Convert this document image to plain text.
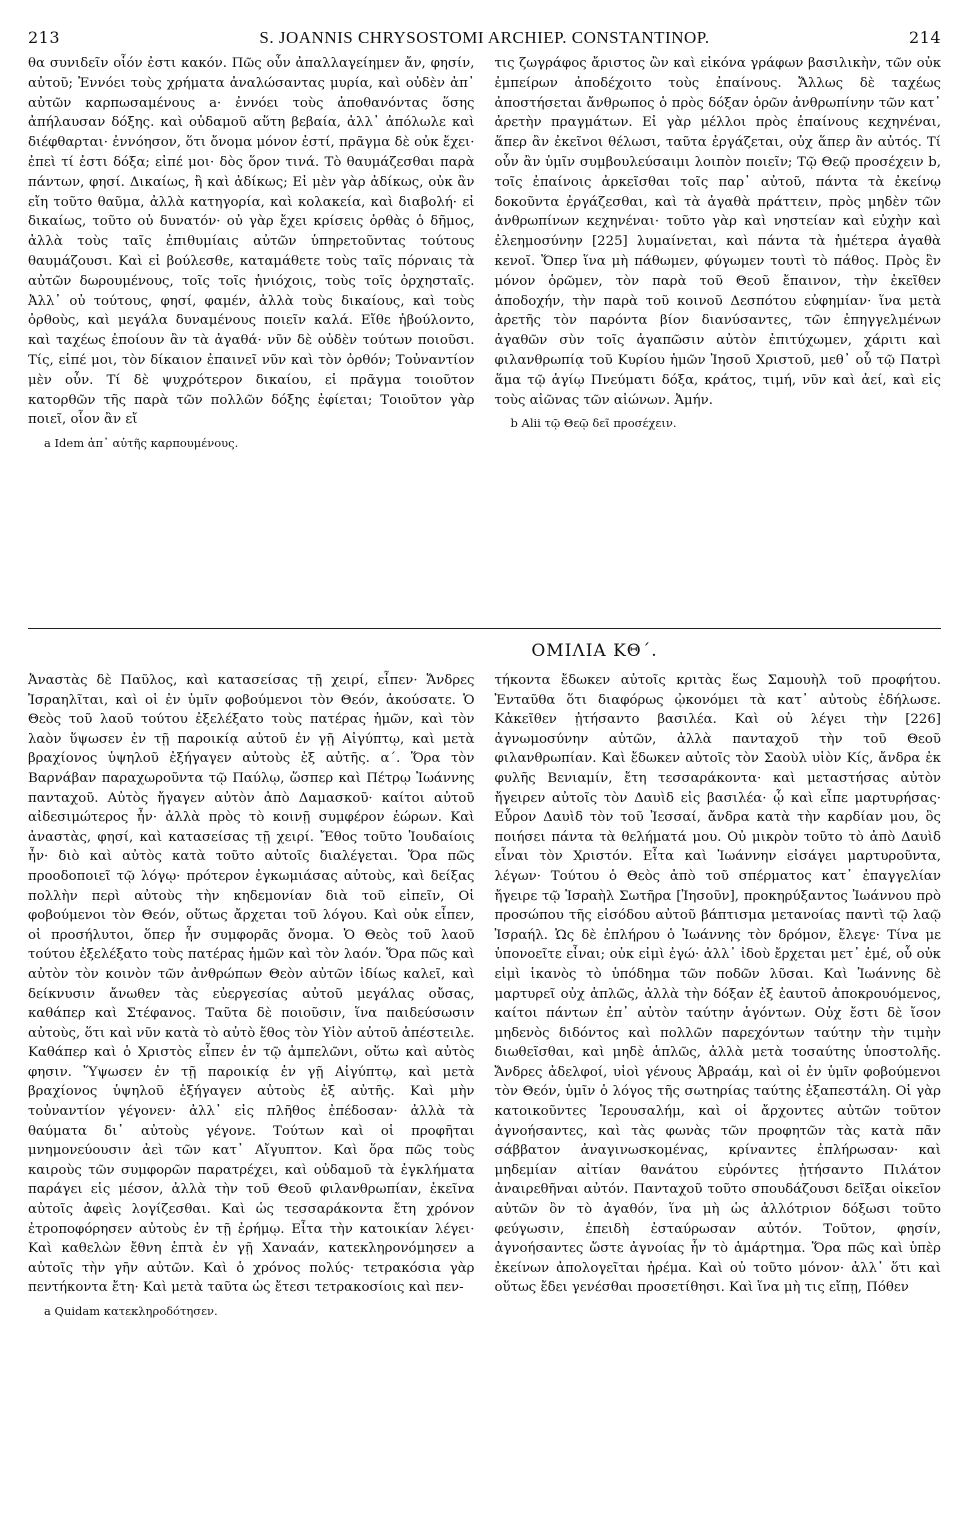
213	S. JOANNIS CHRYSOSTOMI ARCHIEP. CONSTANTINOP.	214

θα συνιδεῖν οἷόν ἐστι κακόν. Πῶς οὖν ἀπαλλαγείημεν ἄν, φησίν, αὐτοῦ; Ἐννόει τοὺς χρήματα ἀναλώσαντας μυρία, καὶ οὐδὲν ἀπ᾿ αὐτῶν καρπωσαμένους a· ἐννόει τοὺς ἀποθανόντας ὅσης ἀπήλαυσαν δόξης. καὶ οὐδαμοῦ αὕτη βεβαία, ἀλλ᾿ ἀπόλωλε καὶ διέφθαρται· ἐννόησον, ὅτι ὄνομα μόνον ἐστί, πρᾶγμα δὲ οὐκ ἔχει· ἐπεὶ τί ἐστι δόξα; εἰπέ μοι· δὸς ὅρον τινά. Τὸ θαυμάζεσθαι παρὰ πάντων, φησί. Δικαίως, ἢ καὶ ἀδίκως; Εἰ μὲν γὰρ ἀδίκως, οὐκ ἂν εἴη τοῦτο θαῦμα, ἀλλὰ κατηγορία, καὶ κολακεία, καὶ διαβολή· εἰ δικαίως, τοῦτο οὐ δυνατόν· οὐ γὰρ ἔχει κρίσεις ὀρθὰς ὁ δῆμος, ἀλλὰ τοὺς ταῖς ἐπιθυμίαις αὐτῶν ὑπηρετοῦντας τούτους θαυμάζουσι. Καὶ εἰ βούλεσθε, καταμάθετε τοὺς ταῖς πόρναις τὰ αὐτῶν δωρουμένους, τοῖς τοῖς ἡνιόχοις, τοὺς τοῖς ὀρχησταῖς. Ἀλλ᾿ οὐ τούτους, φησί, φαμέν, ἀλλὰ τοὺς δικαίους, καὶ τοὺς ὀρθοὺς, καὶ μεγάλα δυναμένους ποιεῖν καλά. Εἴθε ἠβούλοντο, καὶ ταχέως ἐποίουν ἂν τὰ ἀγαθά· νῦν δὲ οὐδὲν τούτων ποιοῦσι. Τίς, εἰπέ μοι, τὸν δίκαιον ἐπαινεῖ νῦν καὶ τὸν ὀρθόν; Τοὐναντίον μὲν οὖν. Τί δὲ ψυχρότερον δικαίου, εἰ πρᾶγμα τοιοῦτον κατορθῶν τῆς παρὰ τῶν πολλῶν δόξης ἐφίεται; Τοιοῦτον γὰρ ποιεῖ, οἷον ἂν εἴ

a Idem ἀπ᾿ αὐτῆς καρπουμένους.

τις ζωγράφος ἄριστος ὢν καὶ εἰκόνα γράφων βασιλικὴν, τῶν οὐκ ἐμπείρων ἀποδέχοιτο τοὺς ἐπαίνους. Ἄλλως δὲ ταχέως ἀποστήσεται ἄνθρωπος ὁ πρὸς δόξαν ὁρῶν ἀνθρωπίνην τῶν κατ᾿ ἀρετὴν πραγμάτων. Εἰ γὰρ μέλλοι πρὸς ἐπαίνους κεχηνέναι, ἅπερ ἂν ἐκεῖνοι θέλωσι, ταῦτα ἐργάζεται, οὐχ ἅπερ ἂν αὐτός. Τί οὖν ἂν ὑμῖν συμβουλεύσαιμι λοιπὸν ποιεῖν; Τῷ Θεῷ προσέχειν b, τοῖς ἐπαίνοις ἀρκεῖσθαι τοῖς παρ᾿ αὐτοῦ, πάντα τὰ ἐκείνῳ δοκοῦντα ἐργάζεσθαι, καὶ τὰ ἀγαθὰ πράττειν, πρὸς μηδὲν τῶν ἀνθρωπίνων κεχηνέναι· τοῦτο γὰρ καὶ νηστείαν καὶ εὐχὴν καὶ ἐλεημοσύνην [225] λυμαίνεται, καὶ πάντα τὰ ἡμέτερα ἀγαθὰ κενοῖ. Ὅπερ ἵνα μὴ πάθωμεν, φύγωμεν τουτὶ τὸ πάθος. Πρὸς ἓν μόνον ὁρῶμεν, τὸν παρὰ τοῦ Θεοῦ ἔπαινον, τὴν ἐκεῖθεν ἀποδοχήν, τὴν παρὰ τοῦ κοινοῦ Δεσπότου εὐφημίαν· ἵνα μετὰ ἀρετῆς τὸν παρόντα βίον διανύσαντες, τῶν ἐπηγγελμένων ἀγαθῶν σὺν τοῖς ἀγαπῶσιν αὐτὸν ἐπιτύχωμεν, χάριτι καὶ φιλανθρωπίᾳ τοῦ Κυρίου ἡμῶν Ἰησοῦ Χριστοῦ, μεθ᾿ οὗ τῷ Πατρὶ ἅμα τῷ ἁγίῳ Πνεύματι δόξα, κράτος, τιμή, νῦν καὶ ἀεί, καὶ εἰς τοὺς αἰῶνας τῶν αἰώνων. Ἀμήν.

b Alii τῷ Θεῷ δεῖ προσέχειν.
ΟΜΙΛΙΑ ΚΘ΄.

Ἀναστὰς δὲ Παῦλος, καὶ κατασείσας τῇ χειρί, εἶπεν· Ἄνδρες Ἰσραηλῖται, καὶ οἱ ἐν ὑμῖν φοβούμενοι τὸν Θεόν, ἀκούσατε. Ὁ Θεὸς τοῦ λαοῦ τούτου ἐξελέξατο τοὺς πατέρας ἡμῶν, καὶ τὸν λαὸν ὕψωσεν ἐν τῇ παροικίᾳ αὐτοῦ ἐν γῇ Αἰγύπτῳ, καὶ μετὰ βραχίονος ὑψηλοῦ ἐξήγαγεν αὐτοὺς ἐξ αὐτῆς. α΄. Ὅρα τὸν Βαρνάβαν παραχωροῦντα τῷ Παύλῳ, ὥσπερ καὶ Πέτρῳ Ἰωάννης πανταχοῦ. Αὐτὸς ἤγαγεν αὐτὸν ἀπὸ Δαμασκοῦ· καίτοι αὐτοῦ αἰδεσιμώτερος ἦν· ἀλλὰ πρὸς τὸ κοινῇ συμφέρον ἑώρων. Καὶ ἀναστὰς, φησί, καὶ κατασείσας τῇ χειρί. Ἔθος τοῦτο Ἰουδαίοις ἦν· διὸ καὶ αὐτὸς κατὰ τοῦτο αὐτοῖς διαλέγεται. Ὅρα πῶς προοδοποιεῖ τῷ λόγῳ· πρότερον ἐγκωμιάσας αὐτοὺς, καὶ δείξας πολλὴν περὶ αὐτοὺς τὴν κηδεμονίαν διὰ τοῦ εἰπεῖν, Οἱ φοβούμενοι τὸν Θεόν, οὕτως ἄρχεται τοῦ λόγου. Καὶ οὐκ εἶπεν, οἱ προσήλυτοι, ὅπερ ἦν συμφορᾶς ὄνομα. Ὁ Θεὸς τοῦ λαοῦ τούτου ἐξελέξατο τοὺς πατέρας ἡμῶν καὶ τὸν λαόν. Ὅρα πῶς καὶ αὐτὸν τὸν κοινὸν τῶν ἀνθρώπων Θεὸν αὐτῶν ἰδίως καλεῖ, καὶ δείκνυσιν ἄνωθεν τὰς εὐεργεσίας αὐτοῦ μεγάλας οὔσας, καθάπερ καὶ Στέφανος. Ταῦτα δὲ ποιοῦσιν, ἵνα παιδεύσωσιν αὐτοὺς, ὅτι καὶ νῦν κατὰ τὸ αὐτὸ ἔθος τὸν Υἱὸν αὐτοῦ ἀπέστειλε. Καθάπερ καὶ ὁ Χριστὸς εἶπεν ἐν τῷ ἀμπελῶνι, οὕτω καὶ αὐτὸς φησιν. Ὕψωσεν ἐν τῇ παροικίᾳ ἐν γῇ Αἰγύπτῳ, καὶ μετὰ βραχίονος ὑψηλοῦ ἐξήγαγεν αὐτοὺς ἐξ αὐτῆς. Καὶ μὴν τοὐναντίον γέγονεν· ἀλλ᾿ εἰς πλῆθος ἐπέδοσαν· ἀλλὰ τὰ θαύματα δι᾿ αὐτοὺς γέγονε. Τούτων καὶ οἱ προφῆται μνημονεύουσιν ἀεὶ τῶν κατ᾿ Αἴγυπτον. Καὶ ὅρα πῶς τοὺς καιροὺς τῶν συμφορῶν παρατρέχει, καὶ οὐδαμοῦ τὰ ἐγκλήματα παράγει εἰς μέσον, ἀλλὰ τὴν τοῦ Θεοῦ φιλανθρωπίαν, ἐκεῖνα αὐτοῖς ἀφεὶς λογίζεσθαι. Καὶ ὡς τεσσαράκοντα ἔτη χρόνον ἐτροποφόρησεν αὐτοὺς ἐν τῇ ἐρήμῳ. Εἶτα τὴν κατοικίαν λέγει· Καὶ καθελὼν ἔθνη ἑπτὰ ἐν γῇ Χαναάν, κατεκληρονόμησεν a αὐτοῖς τὴν γῆν αὐτῶν. Καὶ ὁ χρόνος πολύς· τετρακόσια γὰρ πεντήκοντα ἔτη· Καὶ μετὰ ταῦτα ὡς ἔτεσι τετρακοσίοις καὶ πεν-

a Quidam κατεκληροδότησεν.

τήκοντα ἔδωκεν αὐτοῖς κριτὰς ἕως Σαμουὴλ τοῦ προφήτου. Ἐνταῦθα ὅτι διαφόρως ᾠκονόμει τὰ κατ᾿ αὐτοὺς ἐδήλωσε. Κἀκεῖθεν ᾐτήσαντο βασιλέα. Καὶ οὐ λέγει τὴν [226] ἀγνωμοσύνην αὐτῶν, ἀλλὰ πανταχοῦ τὴν τοῦ Θεοῦ φιλανθρωπίαν. Καὶ ἔδωκεν αὐτοῖς τὸν Σαοὺλ υἱὸν Κίς, ἄνδρα ἐκ φυλῆς Βενιαμίν, ἔτη τεσσαράκοντα· καὶ μεταστήσας αὐτὸν ἤγειρεν αὐτοῖς τὸν Δαυὶδ εἰς βασιλέα· ᾧ καὶ εἶπε μαρτυρήσας· Εὗρον Δαυὶδ τὸν τοῦ Ἰεσσαί, ἄνδρα κατὰ τὴν καρδίαν μου, ὃς ποιήσει πάντα τὰ θελήματά μου. Οὐ μικρὸν τοῦτο τὸ ἀπὸ Δαυὶδ εἶναι τὸν Χριστόν. Εἶτα καὶ Ἰωάννην εἰσάγει μαρτυροῦντα, λέγων· Τούτου ὁ Θεὸς ἀπὸ τοῦ σπέρματος κατ᾿ ἐπαγγελίαν ἤγειρε τῷ Ἰσραὴλ Σωτῆρα [Ἰησοῦν], προκηρύξαντος Ἰωάννου πρὸ προσώπου τῆς εἰσόδου αὐτοῦ βάπτισμα μετανοίας παντὶ τῷ λαῷ Ἰσραήλ. Ὡς δὲ ἐπλήρου ὁ Ἰωάννης τὸν δρόμον, ἔλεγε· Τίνα με ὑπονοεῖτε εἶναι; οὐκ εἰμὶ ἐγώ· ἀλλ᾿ ἰδοὺ ἔρχεται μετ᾿ ἐμέ, οὗ οὐκ εἰμὶ ἱκανὸς τὸ ὑπόδημα τῶν ποδῶν λῦσαι. Καὶ Ἰωάννης δὲ μαρτυρεῖ οὐχ ἁπλῶς, ἀλλὰ τὴν δόξαν ἐξ ἑαυτοῦ ἀποκρουόμενος, καίτοι πάντων ἐπ᾿ αὐτὸν ταύτην ἀγόντων. Οὐχ ἔστι δὲ ἴσον μηδενὸς διδόντος καὶ πολλῶν παρεχόντων ταύτην τὴν τιμὴν διωθεῖσθαι, καὶ μηδὲ ἁπλῶς, ἀλλὰ μετὰ τοσαύτης ὑποστολῆς. Ἄνδρες ἀδελφοί, υἱοὶ γένους Ἀβραάμ, καὶ οἱ ἐν ὑμῖν φοβούμενοι τὸν Θεόν, ὑμῖν ὁ λόγος τῆς σωτηρίας ταύτης ἐξαπεστάλη. Οἱ γὰρ κατοικοῦντες Ἱερουσαλήμ, καὶ οἱ ἄρχοντες αὐτῶν τοῦτον ἀγνοήσαντες, καὶ τὰς φωνὰς τῶν προφητῶν τὰς κατὰ πᾶν σάββατον ἀναγινωσκομένας, κρίναντες ἐπλήρωσαν· καὶ μηδεμίαν αἰτίαν θανάτου εὑρόντες ᾐτήσαντο Πιλάτον ἀναιρεθῆναι αὐτόν. Πανταχοῦ τοῦτο σπουδάζουσι δεῖξαι οἰκεῖον αὐτῶν ὂν τὸ ἀγαθόν, ἵνα μὴ ὡς ἀλλότριον δόξωσι τοῦτο φεύγωσιν, ἐπειδὴ ἐσταύρωσαν αὐτόν. Τοῦτον, φησίν, ἀγνοήσαντες ὥστε ἀγνοίας ἦν τὸ ἁμάρτημα. Ὅρα πῶς καὶ ὑπὲρ ἐκείνων ἀπολογεῖται ἠρέμα. Καὶ οὐ τοῦτο μόνον· ἀλλ᾿ ὅτι καὶ οὕτως ἔδει γενέσθαι προσετίθησι. Καὶ ἵνα μὴ τις εἴπῃ, Πόθεν
